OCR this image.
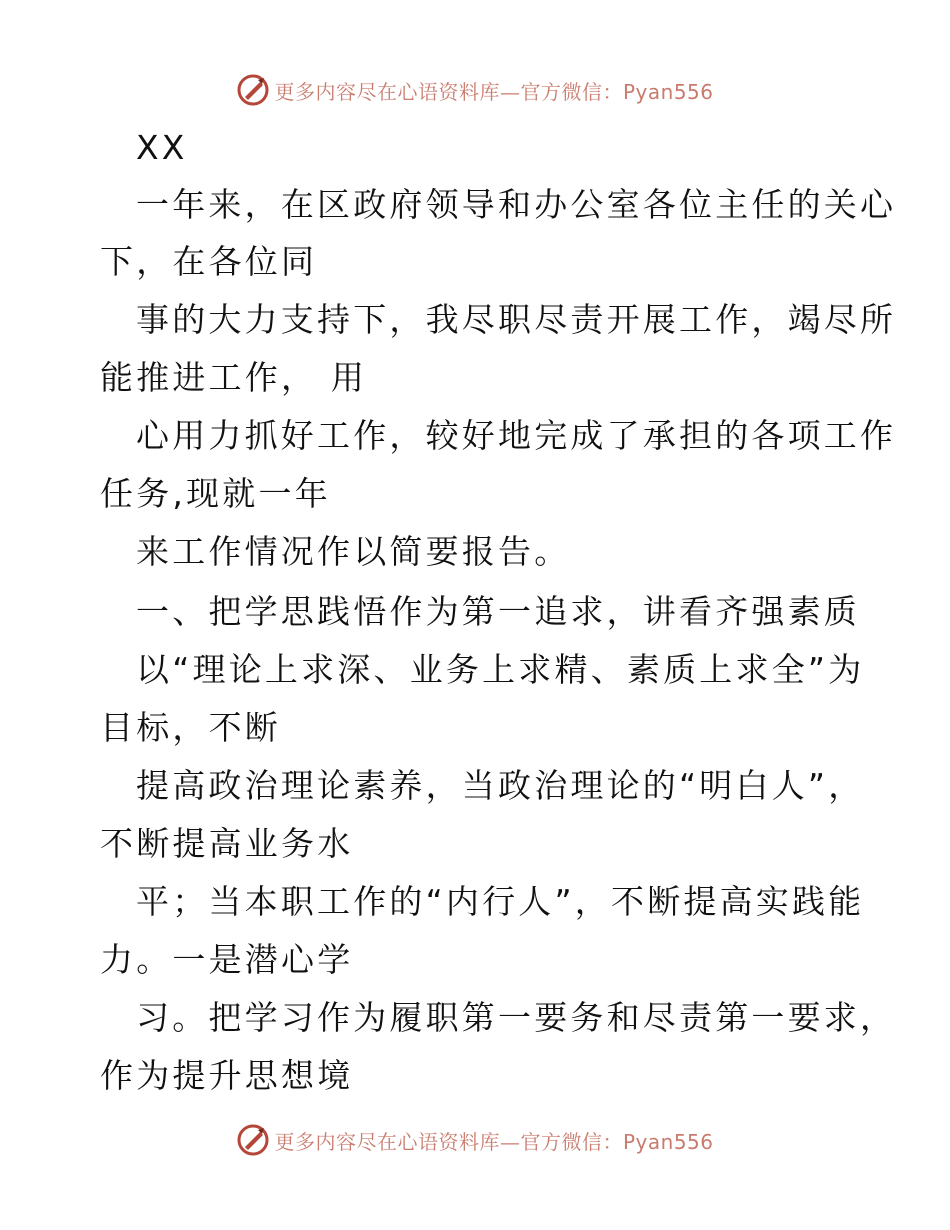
更多内容尽在心语资料库—官方微信：Pyan556
XX
一年来，在区政府领导和办公室各位主任的关心
下，在各位同
事的大力支持下，我尽职尽责开展工作，竭尽所
能推进工作， 用
心用力抓好工作，较好地完成了承担的各项工作
任务,现就一年
来工作情况作以简要报告。
一、把学思践悟作为第一追求，讲看齐强素质
以“理论上求深、业务上求精、素质上求全”为
目标，不断
提高政治理论素养，当政治理论的“明白人”，
不断提高业务水
平；当本职工作的“内行人”，不断提高实践能
力。一是潜心学
习。把学习作为履职第一要务和尽责第一要求，
作为提升思想境
更多内容尽在心语资料库—官方微信：Pyan556
